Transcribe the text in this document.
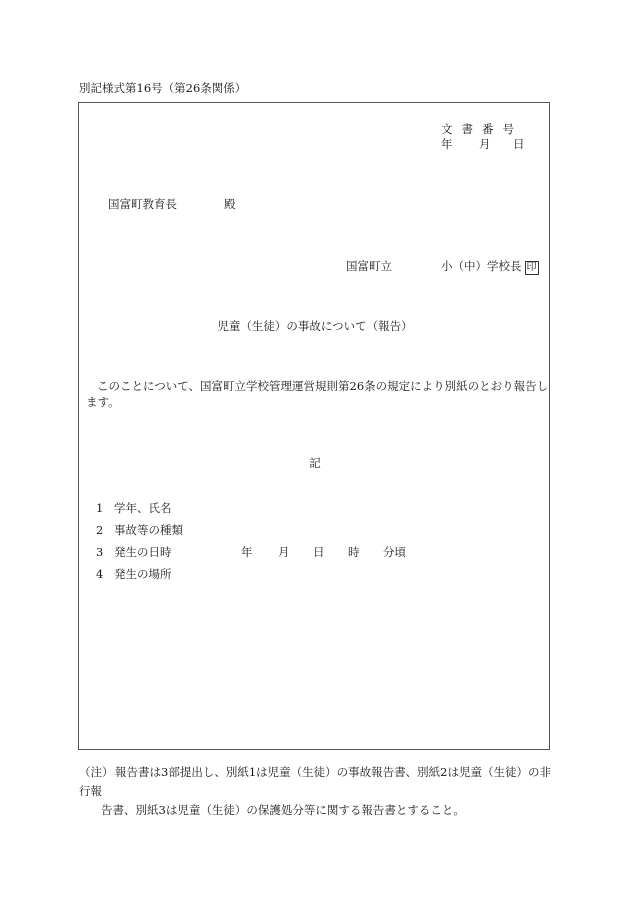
別記様式第16号（第26条関係）
文書番号
年 月 日
国富町教育長	殿
国富町立	小（中）学校長 印
児童（生徒）の事故について（報告）
このことについて、国富町立学校管理運営規則第26条の規定により別紙のとおり報告します。
記
1 学年、氏名
2 事故等の種類
3 発生の日時
4 発生の場所
年 月 日 時 分頃
（注） 報告書は3部提出し、別紙1は児童（生徒）の事故報告書、別紙2は児童（生徒）の非行報
告書、別紙3は児童（生徒）の保護処分等に関する報告書とすること。
